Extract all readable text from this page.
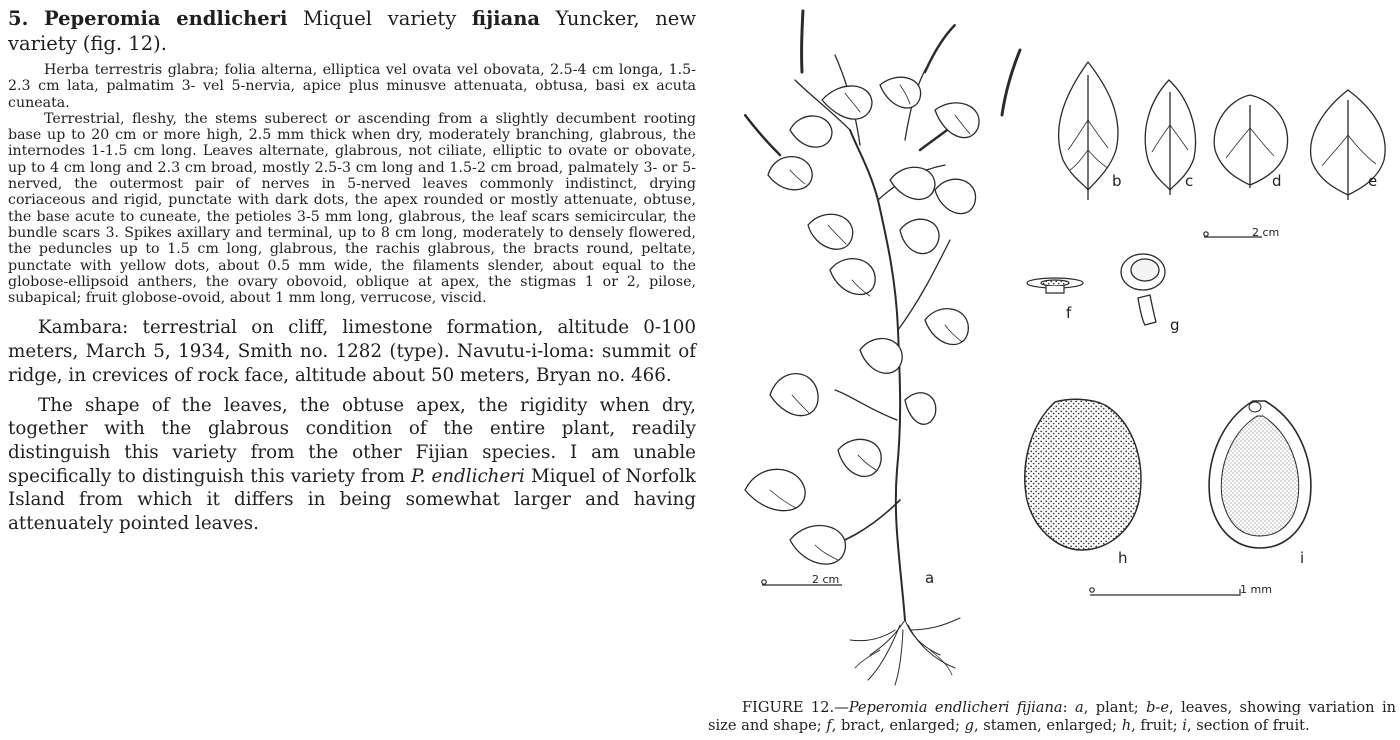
5. Peperomia endlicheri Miquel variety fijiana Yuncker, new variety (fig. 12).

Herba terrestris glabra; folia alterna, elliptica vel ovata vel obovata, 2.5-4 cm longa, 1.5-2.3 cm lata, palmatim 3- vel 5-nervia, apice plus minusve attenuata, obtusa, basi ex acuta cuneata.

Terrestrial, fleshy, the stems suberect or ascending from a slightly decumbent rooting base up to 20 cm or more high, 2.5 mm thick when dry, moderately branching, glabrous, the internodes 1-1.5 cm long. Leaves alternate, glabrous, not ciliate, elliptic to ovate or obovate, up to 4 cm long and 2.3 cm broad, mostly 2.5-3 cm long and 1.5-2 cm broad, palmately 3- or 5-nerved, the outermost pair of nerves in 5-nerved leaves commonly indistinct, drying coriaceous and rigid, punctate with dark dots, the apex rounded or mostly attenuate, obtuse, the base acute to cuneate, the petioles 3-5 mm long, glabrous, the leaf scars semicircular, the bundle scars 3. Spikes axillary and terminal, up to 8 cm long, moderately to densely flowered, the peduncles up to 1.5 cm long, glabrous, the rachis glabrous, the bracts round, peltate, punctate with yellow dots, about 0.5 mm wide, the filaments slender, about equal to the globose-ellipsoid anthers, the ovary obovoid, oblique at apex, the stigmas 1 or 2, pilose, subapical; fruit globose-ovoid, about 1 mm long, verrucose, viscid.

Kambara: terrestrial on cliff, limestone formation, altitude 0-100 meters, March 5, 1934, Smith no. 1282 (type). Navutu-i-loma: summit of ridge, in crevices of rock face, altitude about 50 meters, Bryan no. 466.

The shape of the leaves, the obtuse apex, the rigidity when dry, together with the glabrous condition of the entire plant, readily distinguish this variety from the other Fijian species. I am unable specifically to distinguish this variety from P. endlicheri Miquel of Norfolk Island from which it differs in being somewhat larger and having attenuately pointed leaves.

a
b	c	d	e
f
g
h	i
2 cm
2 cm
1 mm
FIGURE 12.—Peperomia endlicheri fijiana: a, plant; b-e, leaves, showing variation in size and shape; f, bract, enlarged; g, stamen, enlarged; h, fruit; i, section of fruit.
